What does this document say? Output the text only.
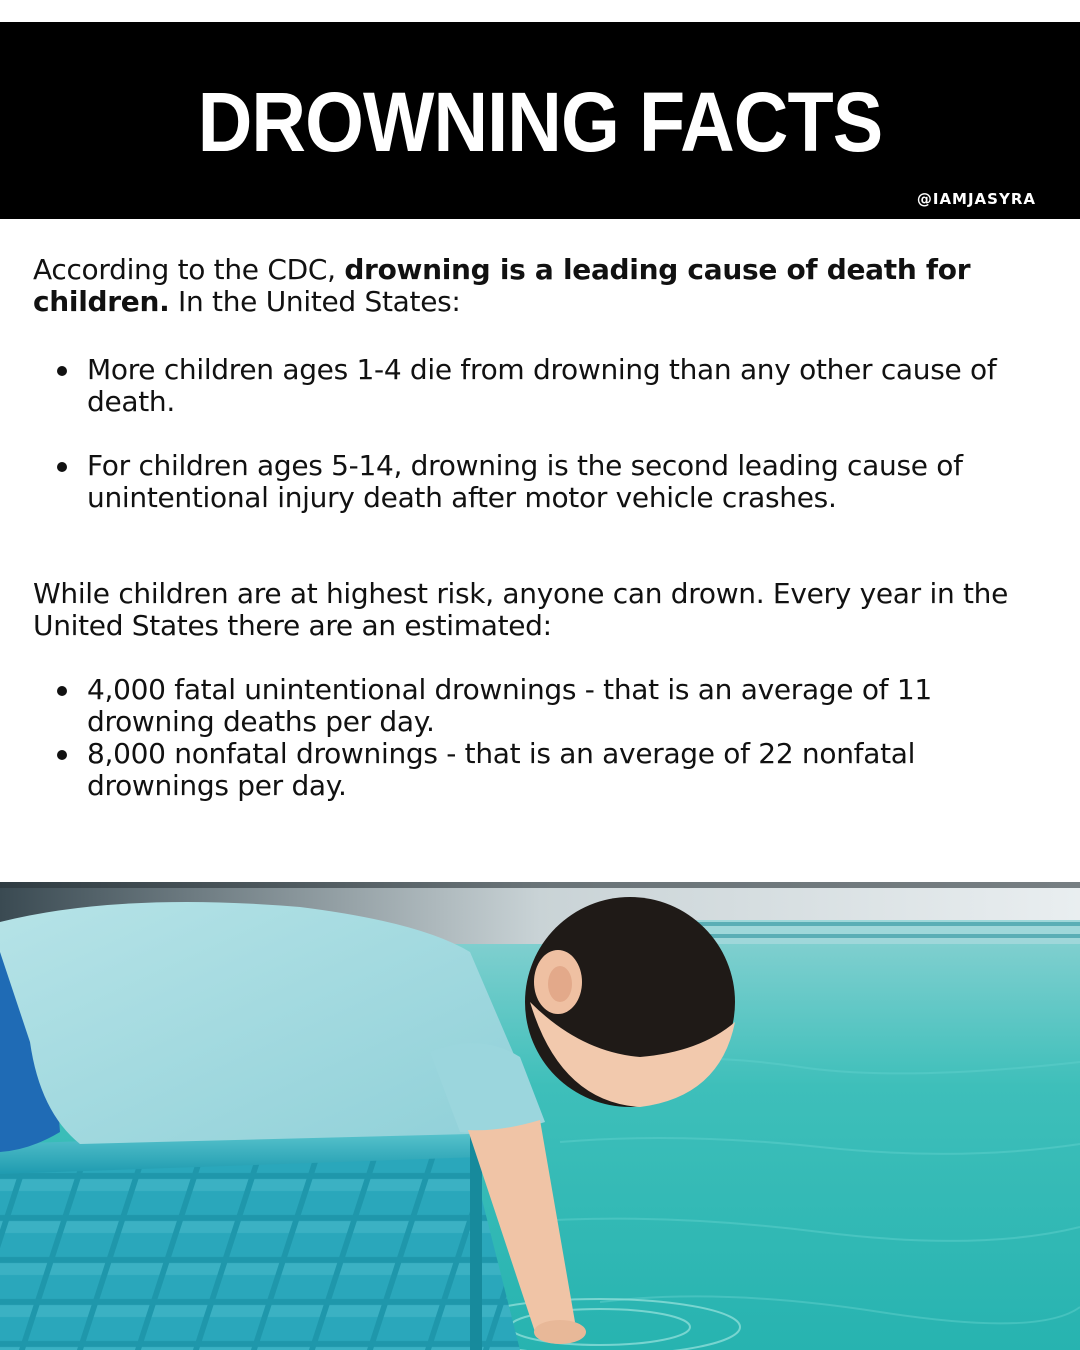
DROWNING FACTS
@IAMJASYRA

According to the CDC, drowning is a leading cause of death for children. In the United States:

More children ages 1-4 die from drowning than any other cause of death.
For children ages 5-14, drowning is the second leading cause of unintentional injury death after motor vehicle crashes.

While children are at highest risk, anyone can drown. Every year in the United States there are an estimated:

4,000 fatal unintentional drownings - that is an average of 11 drowning deaths per day.
8,000 nonfatal drownings - that is an average of 22 nonfatal drownings per day.
